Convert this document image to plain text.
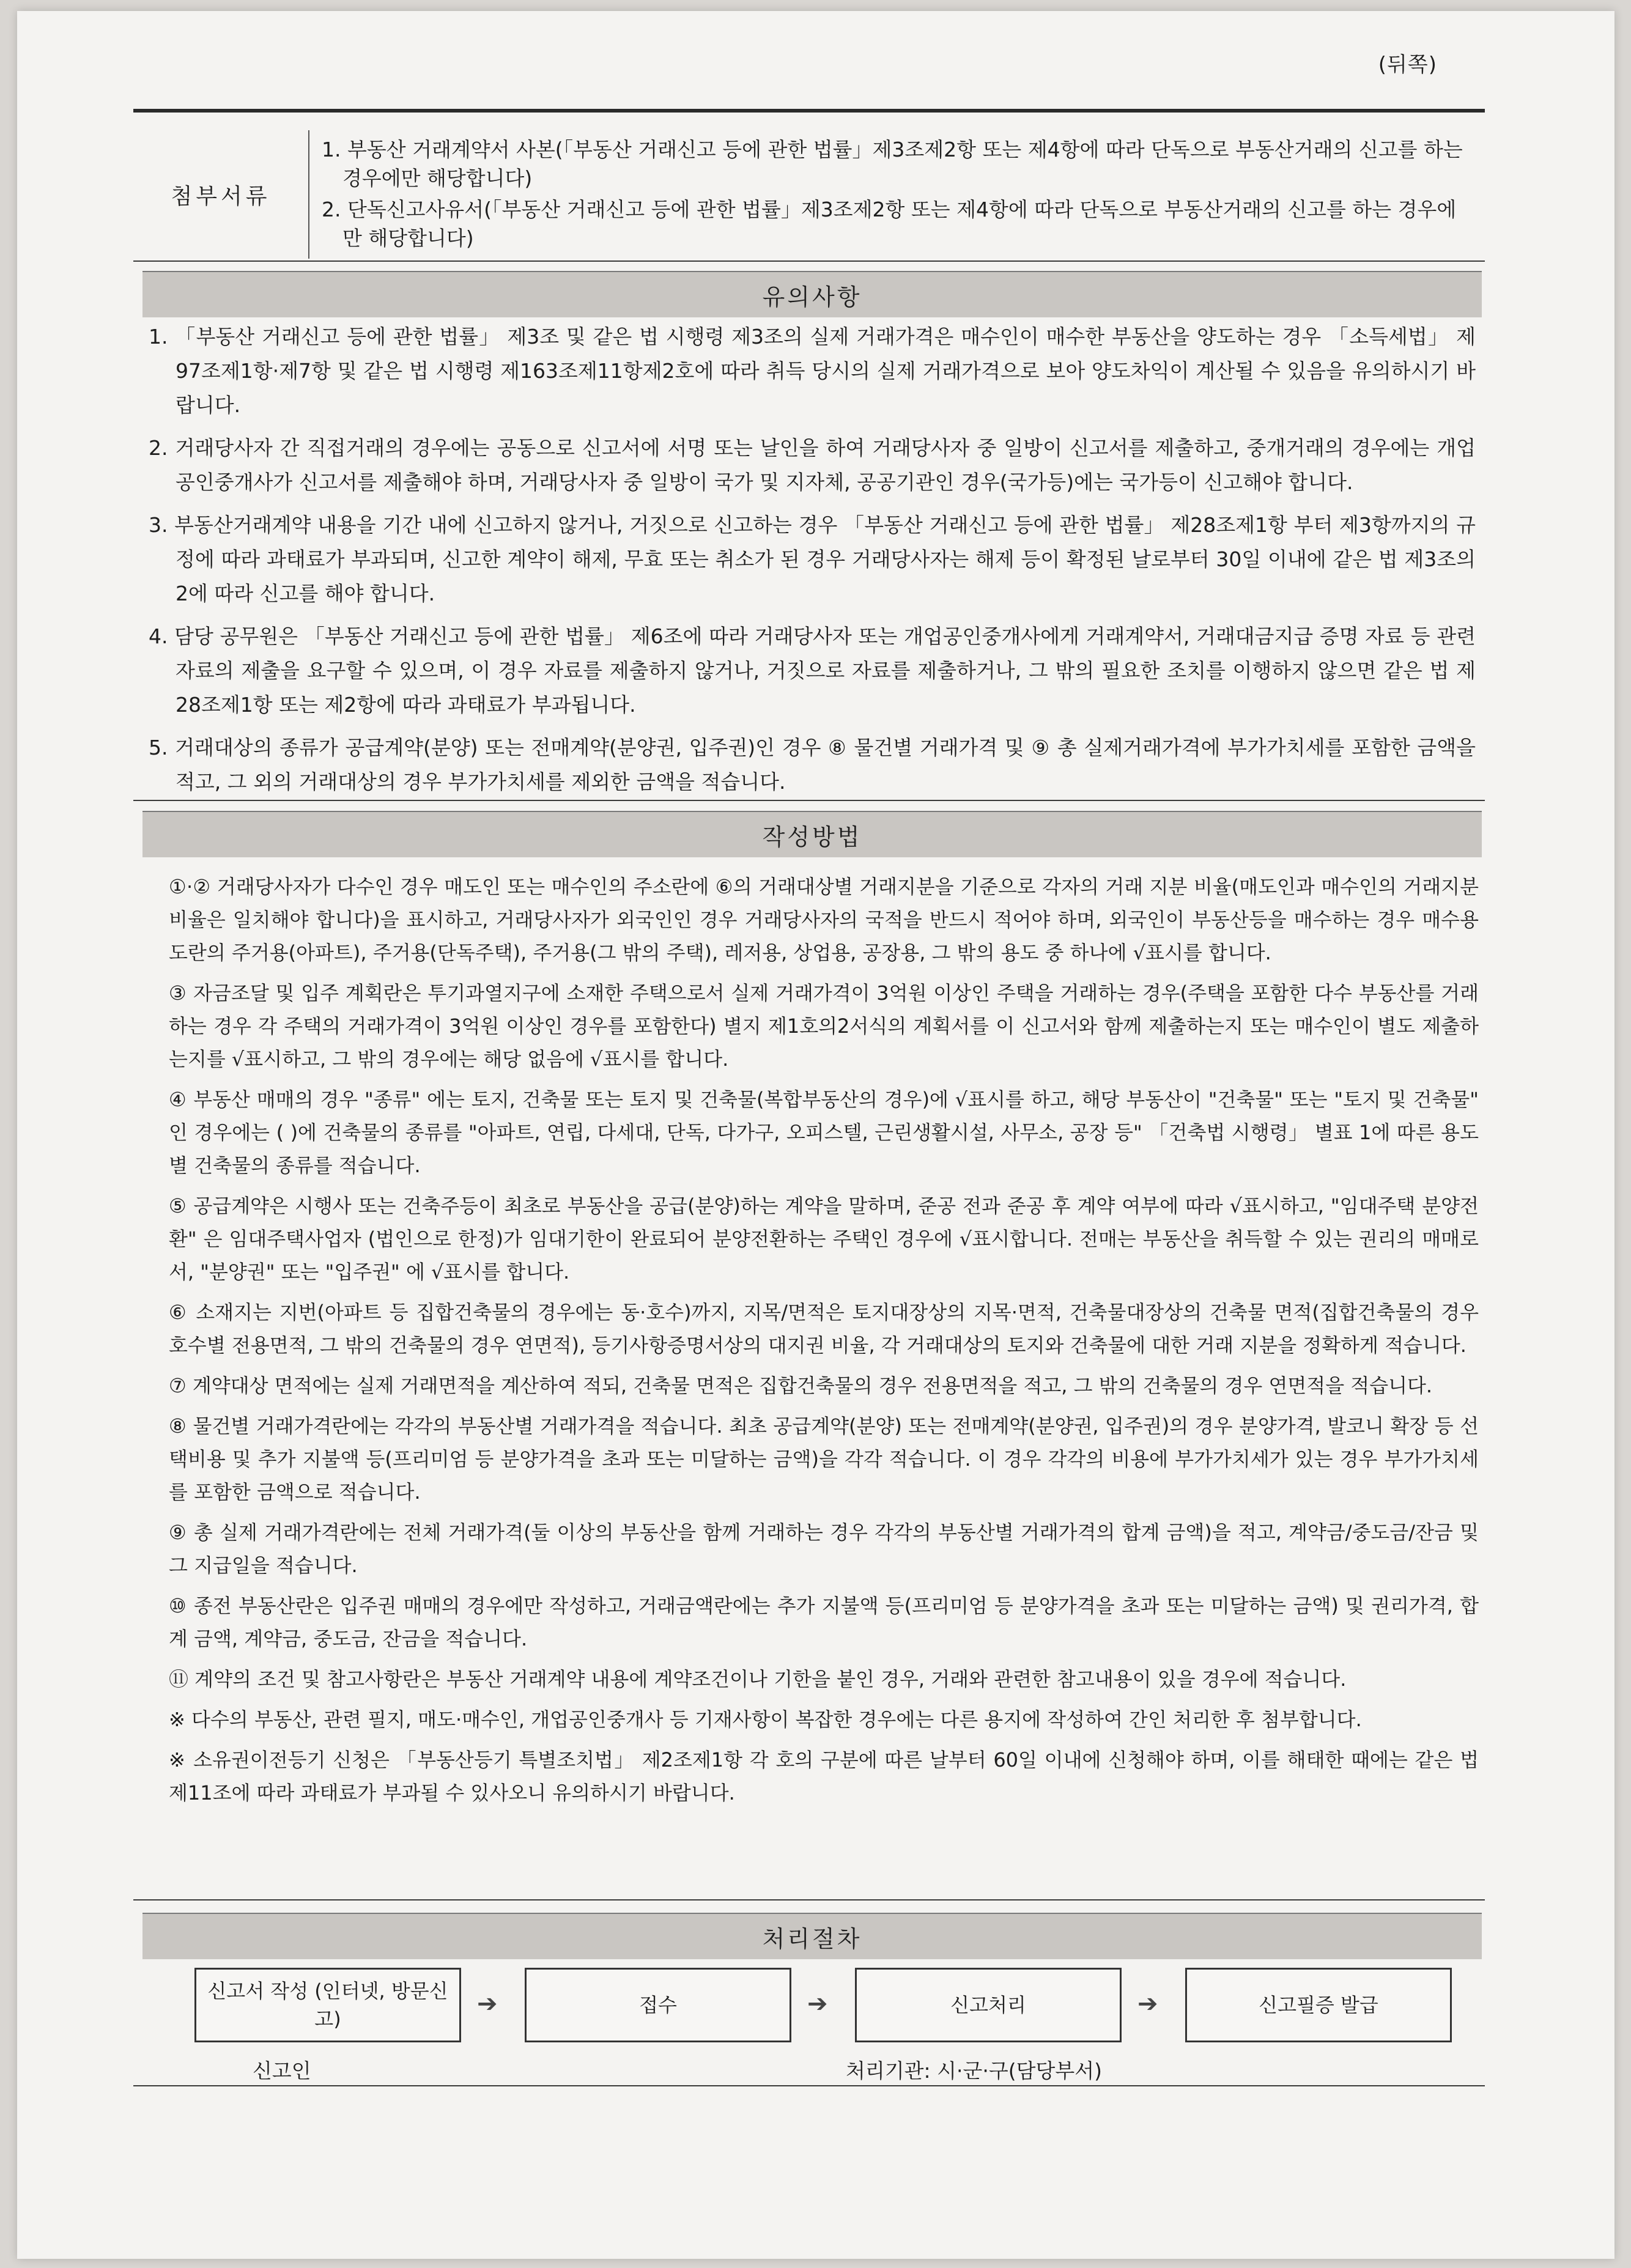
(뒤쪽)
첨부서류

1. 부동산 거래계약서 사본(「부동산 거래신고 등에 관한 법률」제3조제2항 또는 제4항에 따라 단독으로 부동산거래의 신고를 하는 경우에만 해당합니다)

2. 단독신고사유서(「부동산 거래신고 등에 관한 법률」제3조제2항 또는 제4항에 따라 단독으로 부동산거래의 신고를 하는 경우에만 해당합니다)

유의사항

1. 「부동산 거래신고 등에 관한 법률」 제3조 및 같은 법 시행령 제3조의 실제 거래가격은 매수인이 매수한 부동산을 양도하는 경우 「소득세법」 제97조제1항·제7항 및 같은 법 시행령 제163조제11항제2호에 따라 취득 당시의 실제 거래가격으로 보아 양도차익이 계산될 수 있음을 유의하시기 바랍니다.

2. 거래당사자 간 직접거래의 경우에는 공동으로 신고서에 서명 또는 날인을 하여 거래당사자 중 일방이 신고서를 제출하고, 중개거래의 경우에는 개업공인중개사가 신고서를 제출해야 하며, 거래당사자 중 일방이 국가 및 지자체, 공공기관인 경우(국가등)에는 국가등이 신고해야 합니다.

3. 부동산거래계약 내용을 기간 내에 신고하지 않거나, 거짓으로 신고하는 경우 「부동산 거래신고 등에 관한 법률」 제28조제1항 부터 제3항까지의 규정에 따라 과태료가 부과되며, 신고한 계약이 해제, 무효 또는 취소가 된 경우 거래당사자는 해제 등이 확정된 날로부터 30일 이내에 같은 법 제3조의2에 따라 신고를 해야 합니다.

4. 담당 공무원은 「부동산 거래신고 등에 관한 법률」 제6조에 따라 거래당사자 또는 개업공인중개사에게 거래계약서, 거래대금지급 증명 자료 등 관련 자료의 제출을 요구할 수 있으며, 이 경우 자료를 제출하지 않거나, 거짓으로 자료를 제출하거나, 그 밖의 필요한 조치를 이행하지 않으면 같은 법 제28조제1항 또는 제2항에 따라 과태료가 부과됩니다.

5. 거래대상의 종류가 공급계약(분양) 또는 전매계약(분양권, 입주권)인 경우 ⑧ 물건별 거래가격 및 ⑨ 총 실제거래가격에 부가가치세를 포함한 금액을 적고, 그 외의 거래대상의 경우 부가가치세를 제외한 금액을 적습니다.

작성방법

①·② 거래당사자가 다수인 경우 매도인 또는 매수인의 주소란에 ⑥의 거래대상별 거래지분을 기준으로 각자의 거래 지분 비율(매도인과 매수인의 거래지분 비율은 일치해야 합니다)을 표시하고, 거래당사자가 외국인인 경우 거래당사자의 국적을 반드시 적어야 하며, 외국인이 부동산등을 매수하는 경우 매수용도란의 주거용(아파트), 주거용(단독주택), 주거용(그 밖의 주택), 레저용, 상업용, 공장용, 그 밖의 용도 중 하나에 √표시를 합니다.

③ 자금조달 및 입주 계획란은 투기과열지구에 소재한 주택으로서 실제 거래가격이 3억원 이상인 주택을 거래하는 경우(주택을 포함한 다수 부동산를 거래하는 경우 각 주택의 거래가격이 3억원 이상인 경우를 포함한다) 별지 제1호의2서식의 계획서를 이 신고서와 함께 제출하는지 또는 매수인이 별도 제출하는지를 √표시하고, 그 밖의 경우에는 해당 없음에 √표시를 합니다.

④ 부동산 매매의 경우 "종류" 에는 토지, 건축물 또는 토지 및 건축물(복합부동산의 경우)에 √표시를 하고, 해당 부동산이 "건축물" 또는 "토지 및 건축물" 인 경우에는 ( )에 건축물의 종류를 "아파트, 연립, 다세대, 단독, 다가구, 오피스텔, 근린생활시설, 사무소, 공장 등" 「건축법 시행령」 별표 1에 따른 용도별 건축물의 종류를 적습니다.

⑤ 공급계약은 시행사 또는 건축주등이 최초로 부동산을 공급(분양)하는 계약을 말하며, 준공 전과 준공 후 계약 여부에 따라 √표시하고, "임대주택 분양전환" 은 임대주택사업자 (법인으로 한정)가 임대기한이 완료되어 분양전환하는 주택인 경우에 √표시합니다. 전매는 부동산을 취득할 수 있는 권리의 매매로서, "분양권" 또는 "입주권" 에 √표시를 합니다.

⑥ 소재지는 지번(아파트 등 집합건축물의 경우에는 동·호수)까지, 지목/면적은 토지대장상의 지목·면적, 건축물대장상의 건축물 면적(집합건축물의 경우 호수별 전용면적, 그 밖의 건축물의 경우 연면적), 등기사항증명서상의 대지권 비율, 각 거래대상의 토지와 건축물에 대한 거래 지분을 정확하게 적습니다.

⑦ 계약대상 면적에는 실제 거래면적을 계산하여 적되, 건축물 면적은 집합건축물의 경우 전용면적을 적고, 그 밖의 건축물의 경우 연면적을 적습니다.

⑧ 물건별 거래가격란에는 각각의 부동산별 거래가격을 적습니다. 최초 공급계약(분양) 또는 전매계약(분양권, 입주권)의 경우 분양가격, 발코니 확장 등 선택비용 및 추가 지불액 등(프리미엄 등 분양가격을 초과 또는 미달하는 금액)을 각각 적습니다. 이 경우 각각의 비용에 부가가치세가 있는 경우 부가가치세를 포함한 금액으로 적습니다.

⑨ 총 실제 거래가격란에는 전체 거래가격(둘 이상의 부동산을 함께 거래하는 경우 각각의 부동산별 거래가격의 합계 금액)을 적고, 계약금/중도금/잔금 및 그 지급일을 적습니다.

⑩ 종전 부동산란은 입주권 매매의 경우에만 작성하고, 거래금액란에는 추가 지불액 등(프리미엄 등 분양가격을 초과 또는 미달하는 금액) 및 권리가격, 합계 금액, 계약금, 중도금, 잔금을 적습니다.

⑪ 계약의 조건 및 참고사항란은 부동산 거래계약 내용에 계약조건이나 기한을 붙인 경우, 거래와 관련한 참고내용이 있을 경우에 적습니다.

※ 다수의 부동산, 관련 필지, 매도·매수인, 개업공인중개사 등 기재사항이 복잡한 경우에는 다른 용지에 작성하여 간인 처리한 후 첨부합니다.

※ 소유권이전등기 신청은 「부동산등기 특별조치법」 제2조제1항 각 호의 구분에 따른 날부터 60일 이내에 신청해야 하며, 이를 해태한 때에는 같은 법 제11조에 따라 과태료가 부과될 수 있사오니 유의하시기 바랍니다.

처리절차
신고서 작성 (인터넷, 방문신고)
➔	접수	➔	신고처리	➔	신고필증 발급
신고인	처리기관: 시·군·구(담당부서)
